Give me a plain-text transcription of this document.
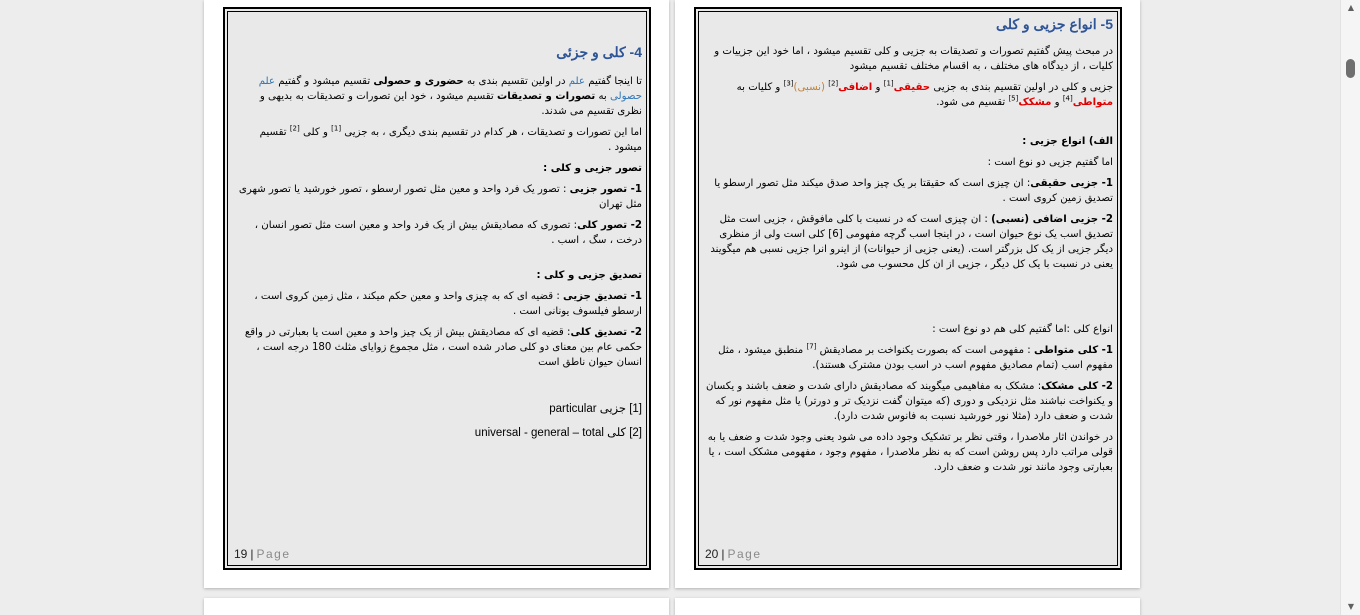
4- کلی و جزئی

تا اینجا گفتیم علم در اولین تقسیم بندی به حضوری و حصولی تقسیم میشود و گفتیم علم حصولی به تصورات و تصدیقات تقسیم میشود ، خود این تصورات و تصدیقات به بدیهی و نظری تقسیم می شدند.

اما این تصورات و تصدیقات ، هر کدام در تقسیم بندی دیگری ، به جزیی [1] و کلی [2] تقسیم میشود .

تصور جزیی و کلی :

1- تصور جزیی : تصور یک فرد واحد و معین مثل تصور ارسطو ، تصور خورشید یا تصور شهری مثل تهران

2- تصور کلی: تصوری که مصادیقش بیش از یک فرد واحد و معین است مثل تصور انسان ، درخت ، سگ ، اسب .

تصدیق جزیی و کلی :

1- تصدیق جزیی : قضیه ای که به چیزی واحد و معین حکم میکند ، مثل زمین کروی است ، ارسطو فیلسوف یونانی است .

2- تصدیق کلی: قضیه ای که مصادیقش بیش از یک چیز واحد و معین است یا بعبارتی در واقع حکمی عام بین معنای دو کلی صادر شده است ، مثل مجموع زوایای مثلث 180 درجه است ، انسان حیوان ناطق است

[1] جزیی particular

[2] کلی universal - general – total

19 | Page
5- انواع جزیی و کلی

در مبحث پیش گفتیم تصورات و تصدیقات به جزیی و کلی تقسیم میشود ، اما خود این جزییات و کلیات ، از دیدگاه های مختلف ، به اقسام مختلف تقسیم میشود

جزیی و کلی در اولین تقسیم بندی به جزیی حقیقی[1] و اضافی[2] (نسبی)[3] و کلیات به متواطی[4] و مشکک[5] تقسیم می شود.

الف) انواع جزیی :

اما گفتیم جزیی دو نوع است :

1- جزیی حقیقی: ان چیزی است که حقیقتا بر یک چیز واحد صدق میکند مثل تصور ارسطو یا تصدیق زمین کروی است .

2- جزیی اضافی (نسبی) : ان چیزی است که در نسبت با کلی مافوقش ، جزیی است مثل تصدیق اسب یک نوع حیوان است ، در اینجا اسب گرچه مفهومی [6] کلی است ولی از منظری دیگر جزیی از یک کل بزرگتر است. (یعنی جزیی از حیوانات) از اینرو انرا جزیی نسبی هم میگویند یعنی در نسبت با یک کل دیگر ، جزیی از ان کل محسوب می شود.

انواع کلی :اما گفتیم کلی هم دو نوع است :

1- کلی متواطی : مفهومی است که بصورت یکنواخت بر مصادیقش [7] منطبق میشود ، مثل مفهوم اسب (تمام مصادیق مفهوم اسب در اسب بودن مشترک هستند).

2- کلی مشکک: مشکک به مفاهیمی میگویند که مصادیقش دارای شدت و ضعف باشند و یکسان و یکنواخت نباشند مثل نزدیکی و دوری (که میتوان گفت نزدیک تر و دورتر) یا مثل مفهوم نور که شدت و ضعف دارد (مثلا نور خورشید نسبت به فانوس شدت دارد).

در خواندن اثار ملاصدرا ، وقتی نظر بر تشکیک وجود داده می شود یعنی وجود شدت و ضعف یا به قولی مراتب دارد پس روشن است که به نظر ملاصدرا ، مفهوم وجود ، مفهومی مشکک است ، یا بعبارتی وجود مانند نور شدت و ضعف دارد.

20 | Page
▲
▼
